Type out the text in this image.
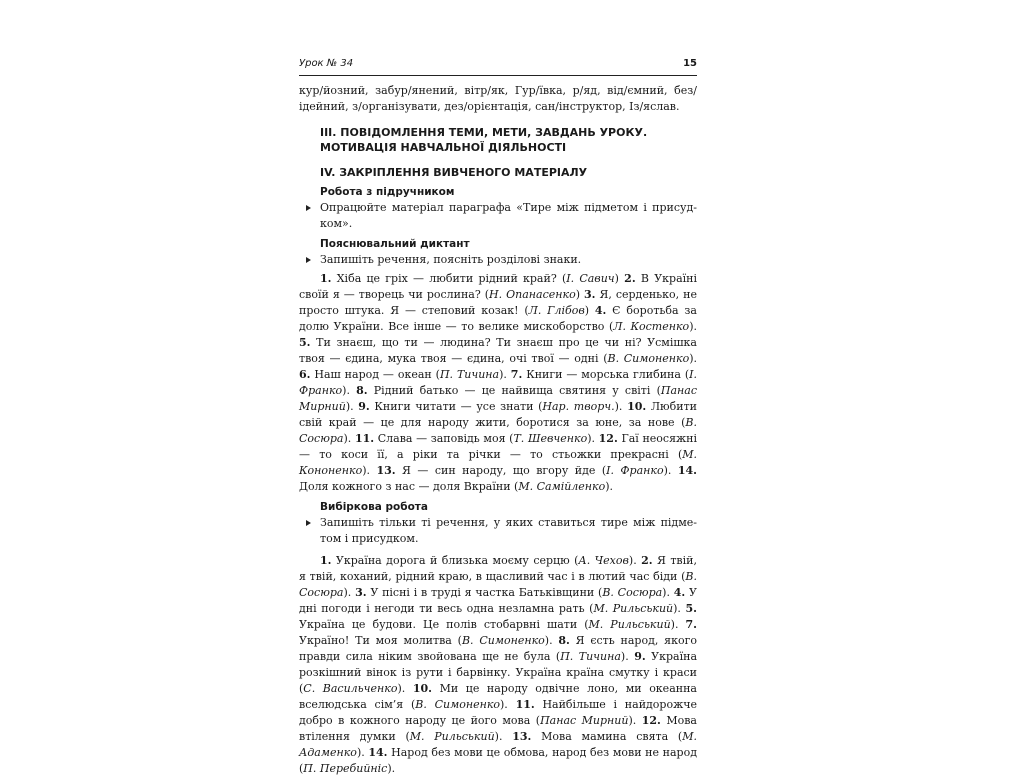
Урок № 34	15

кур/йозний, забур/янений, вітр/як, Гур/ївка, р/яд, від/ємний, без/ідейний, з/організувати, дез/орієнтація, сан/інструктор, Із/яслав.

III. ПОВІДОМЛЕННЯ ТЕМИ, МЕТИ, ЗАВДАНЬ УРОКУ.
МОТИВАЦІЯ НАВЧАЛЬНОЇ ДІЯЛЬНОСТІ
IV. ЗАКРІПЛЕННЯ ВИВЧЕНОГО МАТЕРІАЛУ
Робота з підручником

Опрацюйте матеріал параграфа «Тире між підметом і присудком».

Пояснювальний диктант

Запишіть речення, поясніть розділові знаки.

1. Хіба це гріх — любити рідний край? (І. Савич) 2. В Україні своїй я — творець чи рослина? (Н. Опанасенко) 3. Я, серденько, не просто штука. Я — степовий козак! (Л. Глібов) 4. Є боротьба за долю України. Все інше — то велике мискоборство (Л. Костенко). 5. Ти знаєш, що ти — людина? Ти знаєш про це чи ні? Усмішка твоя — єдина, мука твоя — єдина, очі твої — одні (В. Симоненко). 6. Наш народ — океан (П. Тичина). 7. Книги — морська глибина (І. Франко). 8. Рідний батько — це найвища святиня у світі (Панас Мирний). 9. Книги читати — усе знати (Нар. творч.). 10. Любити свій край — це для народу жити, боротися за юне, за нове (В. Сосюра). 11. Слава — заповідь моя (Т. Шевченко). 12. Гаї неосяжні — то коси її, а ріки та річки — то стьожки прекрасні (М. Кононенко). 13. Я — син народу, що вгору йде (І. Франко). 14. Доля кожного з нас — доля Вкраїни (М. Самійленко).

Вибіркова робота

Запишіть тільки ті речення, у яких ставиться тире між підметом і присудком.

1. Україна дорога й близька моєму серцю (А. Чехов). 2. Я твій, я твій, коханий, рідний краю, в щасливий час і в лютий час біди (В. Сосюра). 3. У пісні і в труді я частка Батьківщини (В. Сосюра). 4. У дні погоди і негоди ти весь одна незламна рать (М. Рильський). 5. Україна це будови. Це полів стобарвні шати (М. Рильський). 7. Україно! Ти моя молитва (В. Симоненко). 8. Я єсть народ, якого правди сила ніким звойована ще не була (П. Тичина). 9. Україна розкішний вінок із рути і барвінку. Україна країна смутку і краси (С. Васильченко). 10. Ми це народу одвічне лоно, ми океанна вселюдська сім’я (В. Симоненко). 11. Найбільше і найдорожче добро в кожного народу це його мова (Панас Мирний). 12. Мова втілення думки (М. Рильський). 13. Мова мамина свята (М. Адаменко). 14. Народ без мови це обмова, народ без мови не народ (П. Перебийніс).
